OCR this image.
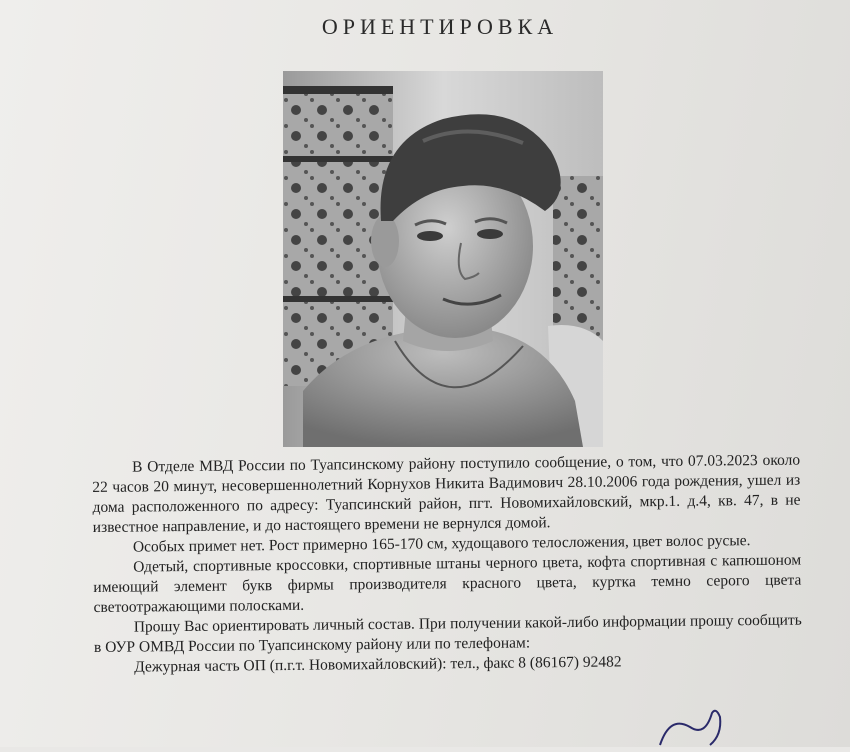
ОРИЕНТИРОВКА

В Отделе МВД России по Туапсинскому району поступило сообщение, о том, что 07.03.2023 около 22 часов 20 минут, несовершеннолетний Корнухов Никита Вадимович 28.10.2006 года рождения, ушел из дома расположенного по адресу: Туапсинский район, пгт. Новомихайловский, мкр.1. д.4, кв. 47, в не известное направление, и до настоящего времени не вернулся домой.

Особых примет нет. Рост примерно 165-170 см, худощавого телосложения, цвет волос русые.

Одетый, спортивные кроссовки, спортивные штаны черного цвета, кофта спортивная с капюшоном имеющий элемент букв фирмы производителя красного цвета, куртка темно серого цвета светоотражающими полосками.

Прошу Вас ориентировать личный состав. При получении какой-либо информации прошу сообщить в ОУР ОМВД России по Туапсинскому району или по телефонам:

Дежурная часть ОП (п.г.т. Новомихайловский): тел., факс 8 (86167) 92482
